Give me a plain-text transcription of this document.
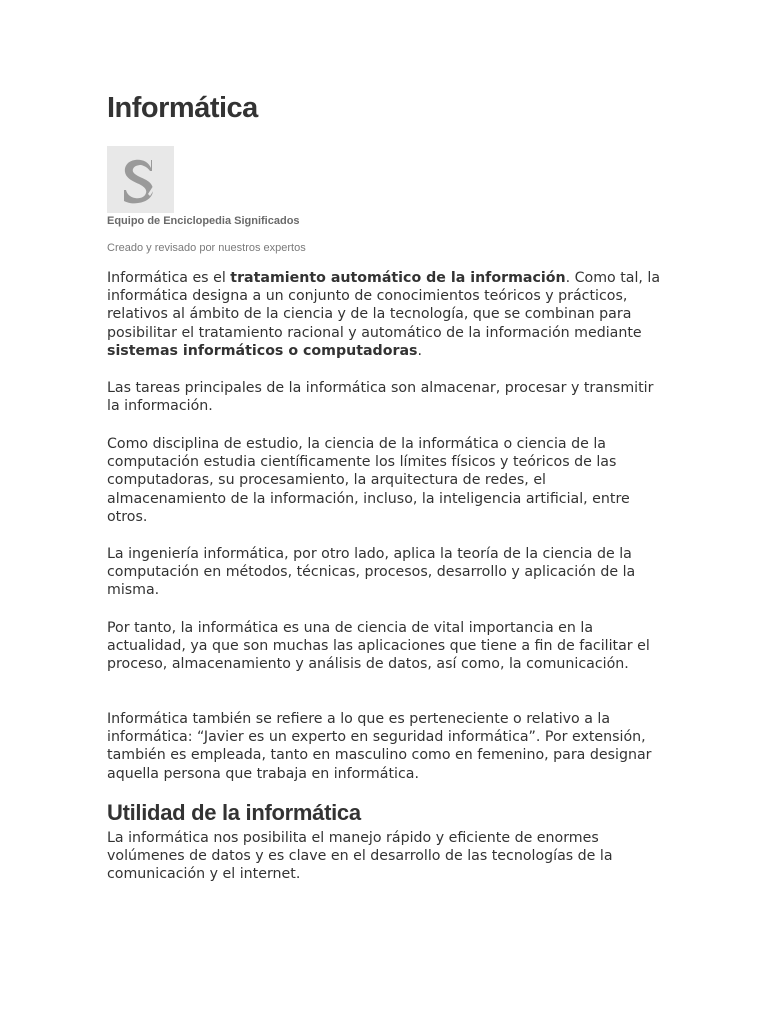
Informática
Equipo de Enciclopedia Significados
Creado y revisado por nuestros expertos

Informática es el tratamiento automático de la información. Como tal, la informática designa a un conjunto de conocimientos teóricos y prácticos, relativos al ámbito de la ciencia y de la tecnología, que se combinan para posibilitar el tratamiento racional y automático de la información mediante sistemas informáticos o computadoras.

Las tareas principales de la informática son almacenar, procesar y transmitir la información.

Como disciplina de estudio, la ciencia de la informática o ciencia de la computación estudia científicamente los límites físicos y teóricos de las computadoras, su procesamiento, la arquitectura de redes, el almacenamiento de la información, incluso, la inteligencia artificial, entre otros.

La ingeniería informática, por otro lado, aplica la teoría de la ciencia de la computación en métodos, técnicas, procesos, desarrollo y aplicación de la misma.

Por tanto, la informática es una de ciencia de vital importancia en la actualidad, ya que son muchas las aplicaciones que tiene a fin de facilitar el proceso, almacenamiento y análisis de datos, así como, la comunicación.

Informática también se refiere a lo que es perteneciente o relativo a la informática: “Javier es un experto en seguridad informática”. Por extensión, también es empleada, tanto en masculino como en femenino, para designar aquella persona que trabaja en informática.

Utilidad de la informática

La informática nos posibilita el manejo rápido y eficiente de enormes volúmenes de datos y es clave en el desarrollo de las tecnologías de la comunicación y el internet.
